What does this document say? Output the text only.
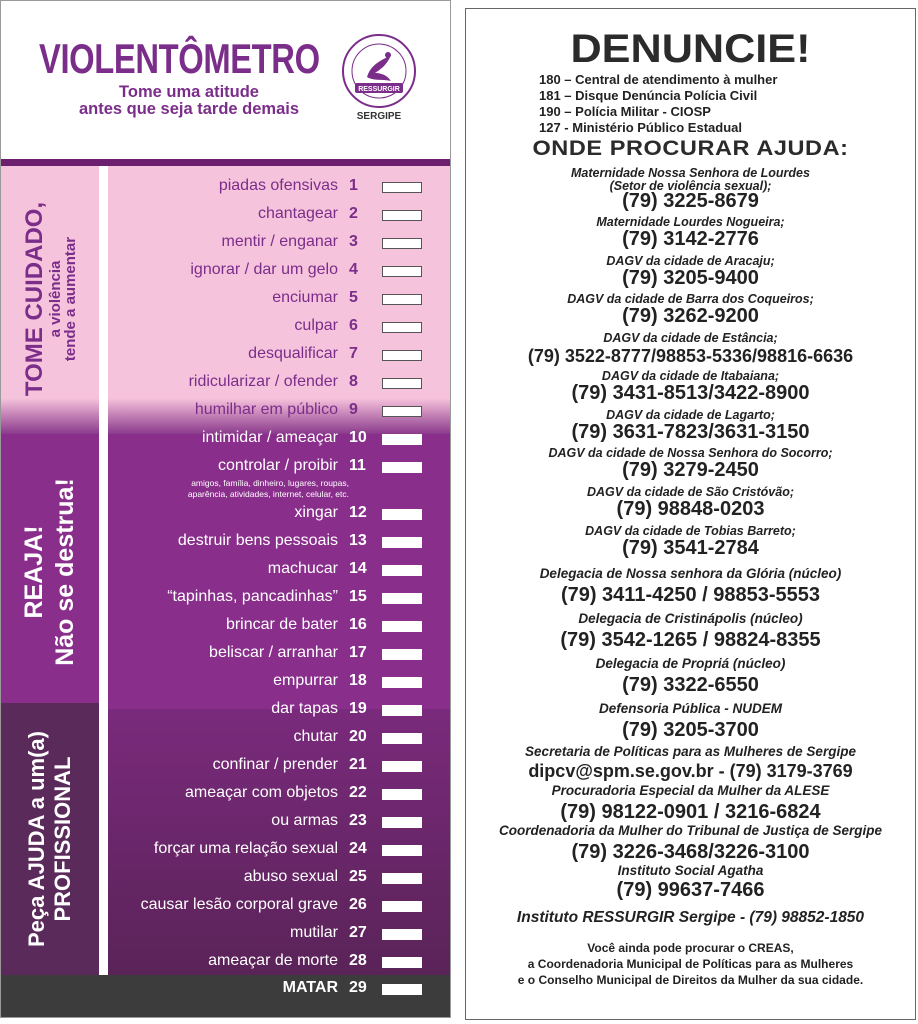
VIOLENTÔMETRO
Tome uma atitude
antes que seja tarde demais
RESSURGIR
SERGIPE
TOME CUIDADO, a violência
tende a aumentar
REAJA! Não se destrua!
Peça AJUDA a um(a) PROFISSIONAL
piadas ofensivas 1
chantagear 2
mentir / enganar 3
ignorar / dar um gelo 4
enciumar 5
culpar 6
desqualificar 7
ridicularizar / ofender 8
humilhar em público 9
intimidar / ameaçar 10
controlar / proibir 11
xingar 12
destruir bens pessoais 13
machucar 14
“tapinhas, pancadinhas” 15
brincar de bater 16
beliscar / arranhar 17
empurrar 18
dar tapas 19
chutar 20
confinar / prender 21
ameaçar com objetos 22
ou armas 23
forçar uma relação sexual 24
abuso sexual 25
causar lesão corporal grave 26
mutilar 27
ameaçar de morte 28
MATAR 29
amigos, família, dinheiro, lugares, roupas,
aparência, atividades, internet, celular, etc.
DENUNCIE!
180 – Central de atendimento à mulher
181 – Disque Denúncia Polícia Civil
190 – Polícia Militar - CIOSP
127 - Ministério Público Estadual
ONDE PROCURAR AJUDA:
Maternidade Nossa Senhora de Lourdes
(Setor de violência sexual);
(79) 3225-8679
Maternidade Lourdes Nogueira;
(79) 3142-2776
DAGV da cidade de Aracaju;
(79) 3205-9400
DAGV da cidade de Barra dos Coqueiros;
(79) 3262-9200
DAGV da cidade de Estância;
(79) 3522-8777/98853-5336/98816-6636
DAGV da cidade de Itabaiana;
(79) 3431-8513/3422-8900
DAGV da cidade de Lagarto;
(79) 3631-7823/3631-3150
DAGV da cidade de Nossa Senhora do Socorro;
(79) 3279-2450
DAGV da cidade de São Cristóvão;
(79) 98848-0203
DAGV da cidade de Tobias Barreto;
(79) 3541-2784
Delegacia de Nossa senhora da Glória (núcleo)
(79) 3411-4250 / 98853-5553
Delegacia de Cristinápolis (núcleo)
(79) 3542-1265 / 98824-8355
Delegacia de Propriá (núcleo)
(79) 3322-6550
Defensoria Pública - NUDEM
(79) 3205-3700
Secretaria de Políticas para as Mulheres de Sergipe
dipcv@spm.se.gov.br - (79) 3179-3769
Procuradoria Especial da Mulher da ALESE
(79) 98122-0901 / 3216-6824
Coordenadoria da Mulher do Tribunal de Justiça de Sergipe
(79) 3226-3468/3226-3100
Instituto Social Agatha
(79) 99637-7466
Instituto RESSURGIR Sergipe - (79) 98852-1850
Você ainda pode procurar o CREAS,
a Coordenadoria Municipal de Políticas para as Mulheres
e o Conselho Municipal de Direitos da Mulher da sua cidade.
